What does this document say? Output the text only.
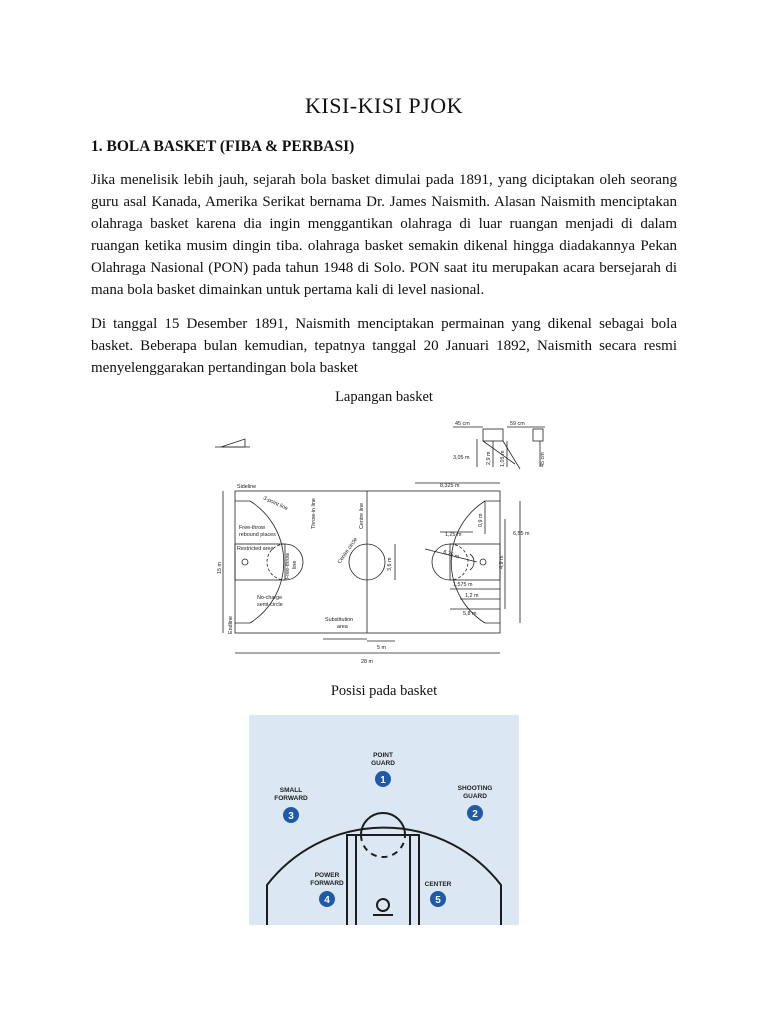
KISI-KISI PJOK
1. BOLA BASKET (FIBA & PERBASI)
Jika menelisik lebih jauh, sejarah bola basket dimulai pada 1891, yang diciptakan oleh seorang guru asal Kanada, Amerika Serikat bernama Dr. James Naismith. Alasan Naismith menciptakan olahraga basket karena dia ingin menggantikan olahraga di luar ruangan menjadi di dalam ruangan ketika musim dingin tiba. olahraga basket semakin dikenal hingga diadakannya Pekan Olahraga Nasional (PON) pada tahun 1948 di Solo. PON saat itu merupakan acara bersejarah di mana bola basket dimainkan untuk pertama kali di level nasional.
Di tanggal 15 Desember 1891, Naismith menciptakan permainan yang dikenal sebagai bola basket. Beberapa bulan kemudian, tepatnya tanggal 20 Januari 1892, Naismith secara resmi menyelenggarakan pertandingan bola basket
Lapangan basket
Sideline
3-point line	Throw-in line	Centre line
Centre circle
Free-throw
rebound places
Restricted area
Free-throw line
No-charge
semi-circle
Endline	Substitution
area
15 m
28 m
5 m
8,325 m
0,9 m
1,25 m
6,75 m
6,55 m
4,9 m
3,6 m
1,575 m
1,2 m
5,8 m
45 cm	59 cm
3,05 m	2,9 m 1,05 m	45 cm
Posisi pada basket
POINT
GUARD
SHOOTING
GUARD
SMALL
FORWARD
POWER
FORWARD	CENTER
1
2
3
4	5
